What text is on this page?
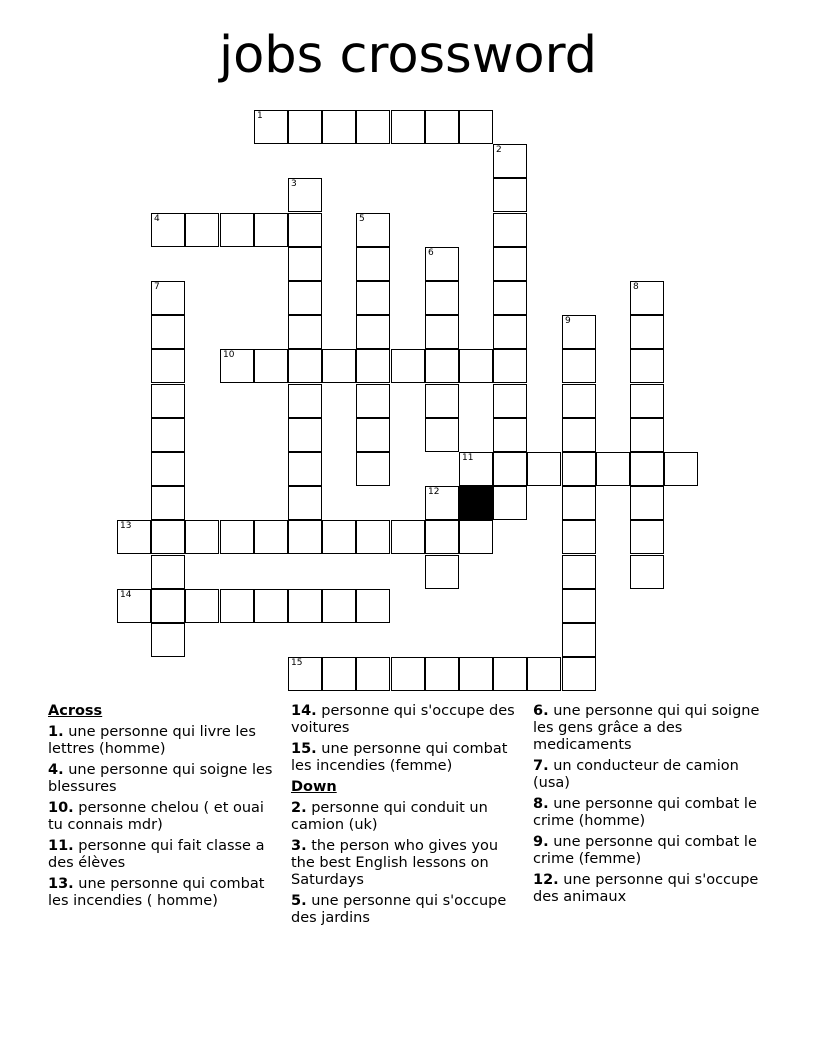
jobs crossword
1
2
3
4	5
6
7	8
9
10
11
12
13
14
15
Across
1. une personne qui livre les lettres (homme)
4. une personne qui soigne les blessures
10. personne chelou ( et ouai tu connais mdr)
11. personne qui fait classe a des élèves
13. une personne qui combat les incendies ( homme)
14. personne qui s'occupe des voitures
15. une personne qui combat les incendies (femme)
Down
2. personne qui conduit un camion (uk)
3. the person who gives you the best English lessons on Saturdays
5. une personne qui s'occupe des jardins
6. une personne qui qui soigne les gens grâce a des medicaments
7. un conducteur de camion (usa)
8. une personne qui combat le crime (homme)
9. une personne qui combat le crime (femme)
12. une personne qui s'occupe des animaux
